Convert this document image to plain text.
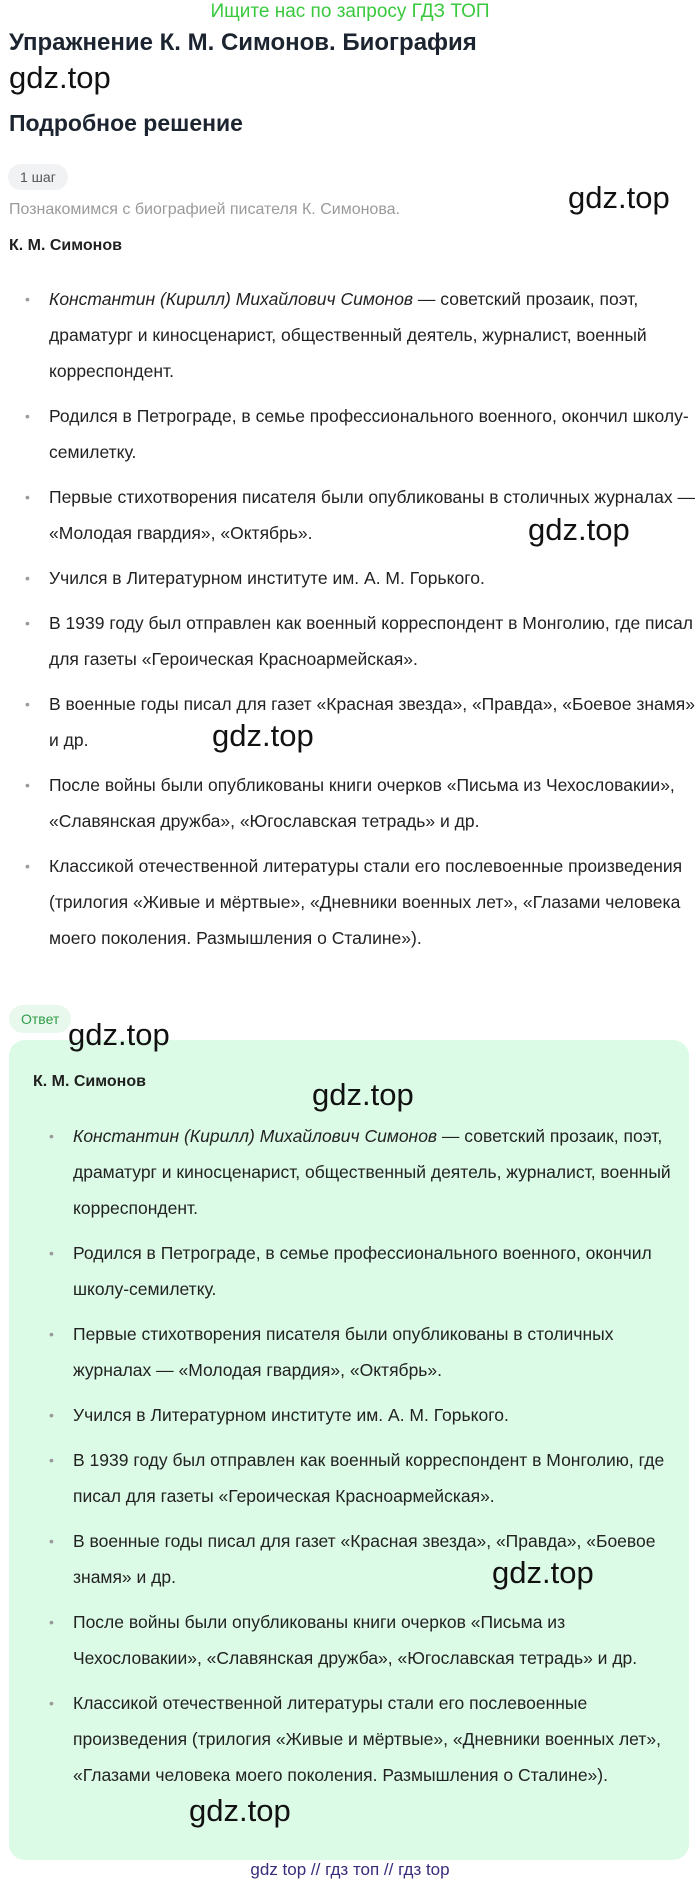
Ищите нас по запросу ГДЗ ТОП
Упражнение К. М. Симонов. Биография
gdz.top
Подробное решение
1 шаг
Познакомимся с биографией писателя К. Симонова.	gdz.top
К. М. Симонов
• Константин (Кирилл) Михайлович Симонов — советский прозаик, поэт, драматург и киносценарист, общественный деятель, журналист, военный корреспондент.
• Родился в Петрограде, в семье профессионального военного, окончил школу-семилетку.
• Первые стихотворения писателя были опубликованы в столичных журналах — «Молодая гвардия», «Октябрь».
• Учился в Литературном институте им. А. М. Горького.
• В 1939 году был отправлен как военный корреспондент в Монголию, где писал для газеты «Героическая Красноармейская».
• В военные годы писал для газет «Красная звезда», «Правда», «Боевое знамя» и др.
• После войны были опубликованы книги очерков «Письма из Чехословакии», «Славянская дружба», «Югославская тетрадь» и др.
• Классикой отечественной литературы стали его послевоенные произведения (трилогия «Живые и мёртвые», «Дневники военных лет», «Глазами человека моего поколения. Размышления о Сталине»).
gdz.top
gdz.top
Ответ gdz.top
К. М. Симонов	gdz.top
• Константин (Кирилл) Михайлович Симонов — советский прозаик, поэт, драматург и киносценарист, общественный деятель, журналист, военный корреспондент.
• Родился в Петрограде, в семье профессионального военного, окончил школу-семилетку.
• Первые стихотворения писателя были опубликованы в столичных журналах — «Молодая гвардия», «Октябрь».
• Учился в Литературном институте им. А. М. Горького.
• В 1939 году был отправлен как военный корреспондент в Монголию, где писал для газеты «Героическая Красноармейская».
• В военные годы писал для газет «Красная звезда», «Правда», «Боевое знамя» и др.
• После войны были опубликованы книги очерков «Письма из Чехословакии», «Славянская дружба», «Югославская тетрадь» и др.
• Классикой отечественной литературы стали его послевоенные произведения (трилогия «Живые и мёртвые», «Дневники военных лет», «Глазами человека моего поколения. Размышления о Сталине»).
gdz.top
gdz.top
gdz top // гдз топ // гдз top
